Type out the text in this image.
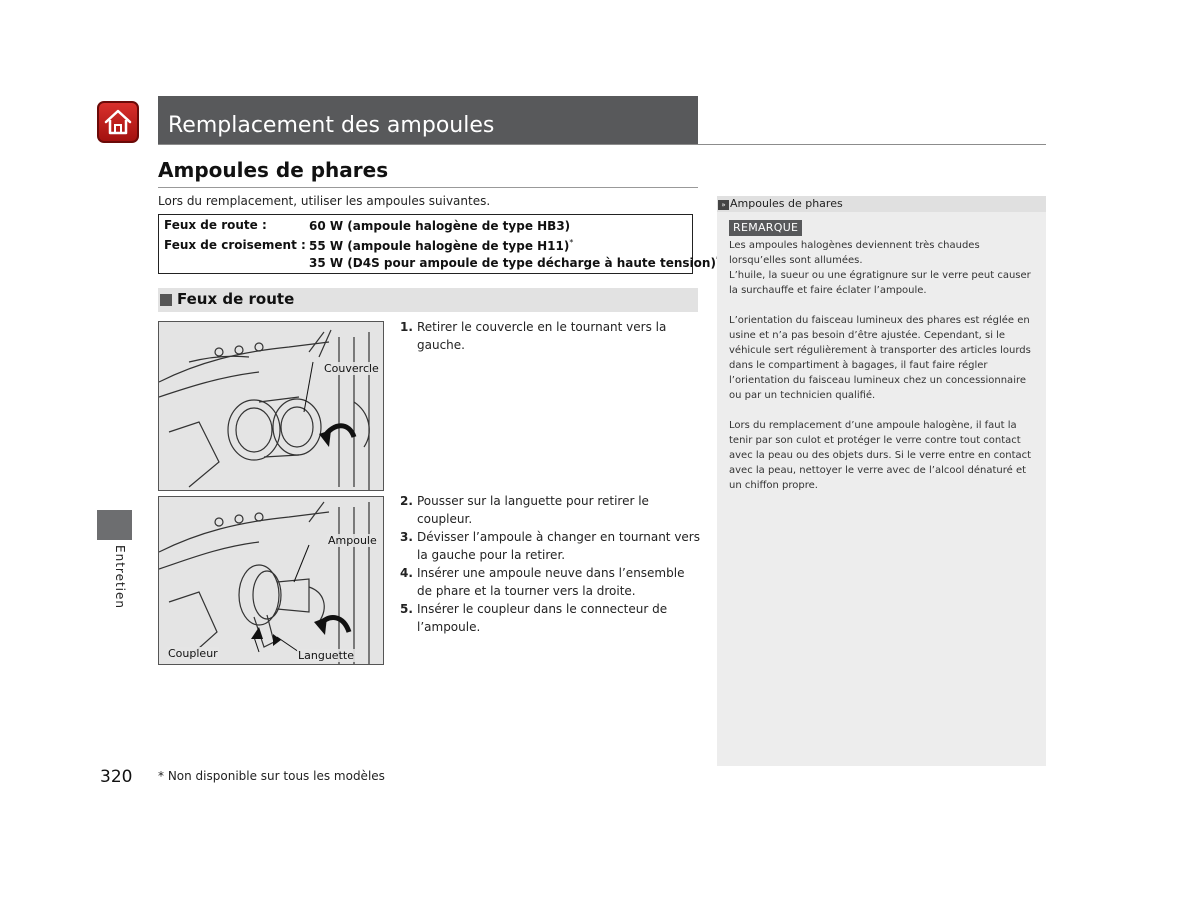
Remplacement des ampoules
Ampoules de phares
Lors du remplacement, utiliser les ampoules suivantes.
Feux de route :	60 W (ampoule halogène de type HB3)
Feux de croisement : 55 W (ampoule halogène de type H11)*
35 W (D4S pour ampoule de type décharge à haute tension)
Feux de route
Couvercle
1. Retirer le couvercle en le tournant vers la gauche.
Ampoule
Coupleur	Languette
2. Pousser sur la languette pour retirer le coupleur.
3. Dévisser l’ampoule à changer en tournant vers la gauche pour la retirer.
4. Insérer une ampoule neuve dans l’ensemble de phare et la tourner vers la droite.
5. Insérer le coupleur dans le connecteur de l’ampoule.
» Ampoules de phares
REMARQUE
Les ampoules halogènes deviennent très chaudes lorsqu’elles sont allumées.
L’huile, la sueur ou une égratignure sur le verre peut causer la surchauffe et faire éclater l’ampoule.
L’orientation du faisceau lumineux des phares est réglée en usine et n’a pas besoin d’être ajustée. Cependant, si le véhicule sert régulièrement à transporter des articles lourds dans le compartiment à bagages, il faut faire régler l’orientation du faisceau lumineux chez un concessionnaire ou par un technicien qualifié.
Lors du remplacement d’une ampoule halogène, il faut la tenir par son culot et protéger le verre contre tout contact avec la peau ou des objets durs. Si le verre entre en contact avec la peau, nettoyer le verre avec de l’alcool dénaturé et un chiffon propre.
Entretien
320 * Non disponible sur tous les modèles
